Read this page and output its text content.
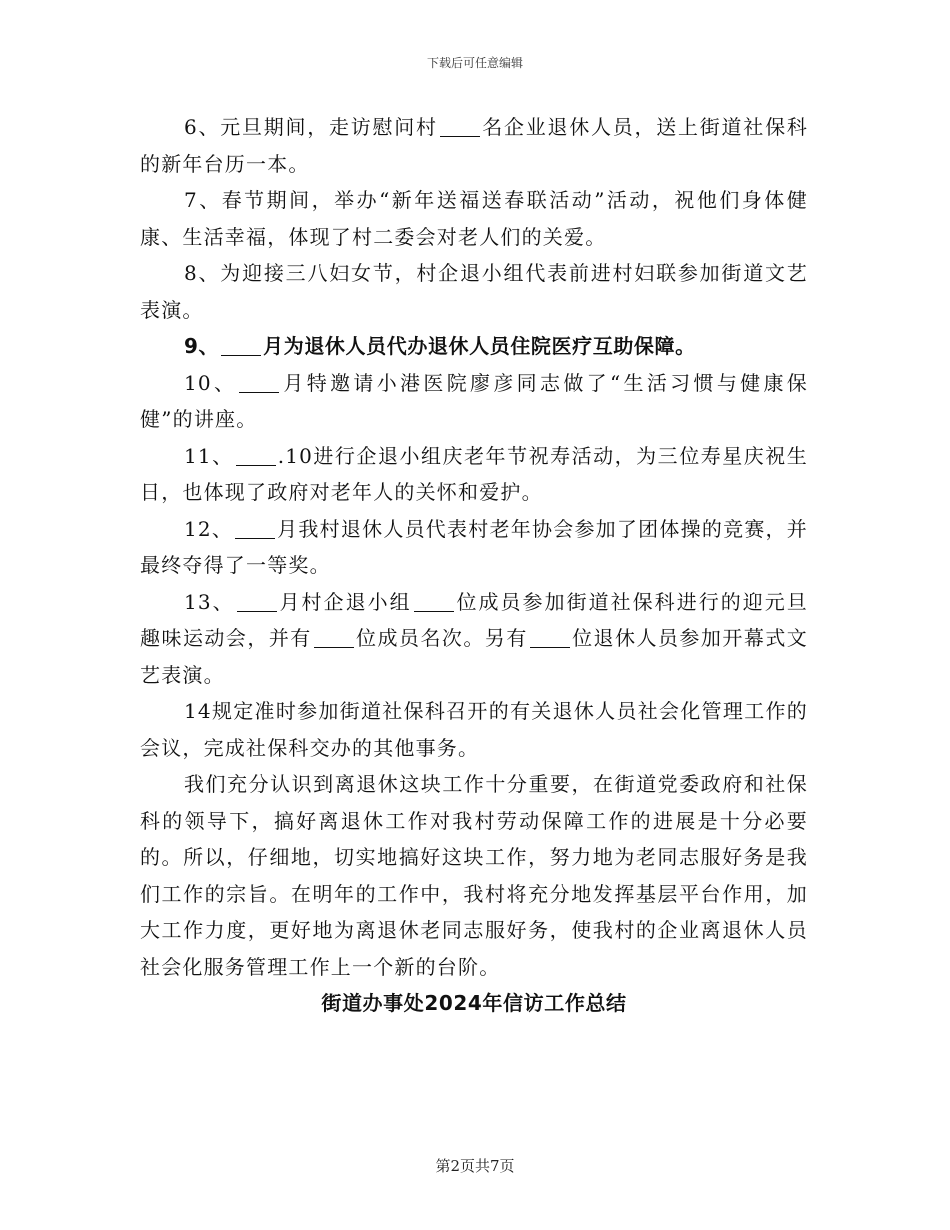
下载后可任意编辑

6、元旦期间，走访慰问村 名企业退休人员，送上街道社保科的新年台历一本。

7、春节期间，举办“新年送福送春联活动”活动，祝他们身体健康、生活幸福，体现了村二委会对老人们的关爱。

8、为迎接三八妇女节，村企退小组代表前进村妇联参加街道文艺表演。

9、 月为退休人员代办退休人员住院医疗互助保障。

10、 月特邀请小港医院廖彦同志做了“生活习惯与健康保健”的讲座。

11、 .10进行企退小组庆老年节祝寿活动，为三位寿星庆祝生日，也体现了政府对老年人的关怀和爱护。

12、 月我村退休人员代表村老年协会参加了团体操的竞赛，并最终夺得了一等奖。

13、 月村企退小组 位成员参加街道社保科进行的迎元旦趣味运动会，并有 位成员名次。另有 位退休人员参加开幕式文艺表演。

14规定准时参加街道社保科召开的有关退休人员社会化管理工作的会议，完成社保科交办的其他事务。

我们充分认识到离退休这块工作十分重要，在街道党委政府和社保科的领导下，搞好离退休工作对我村劳动保障工作的进展是十分必要的。所以，仔细地，切实地搞好这块工作，努力地为老同志服好务是我们工作的宗旨。在明年的工作中，我村将充分地发挥基层平台作用，加大工作力度，更好地为离退休老同志服好务，使我村的企业离退休人员社会化服务管理工作上一个新的台阶。

街道办事处2024年信访工作总结

第2页共7页
